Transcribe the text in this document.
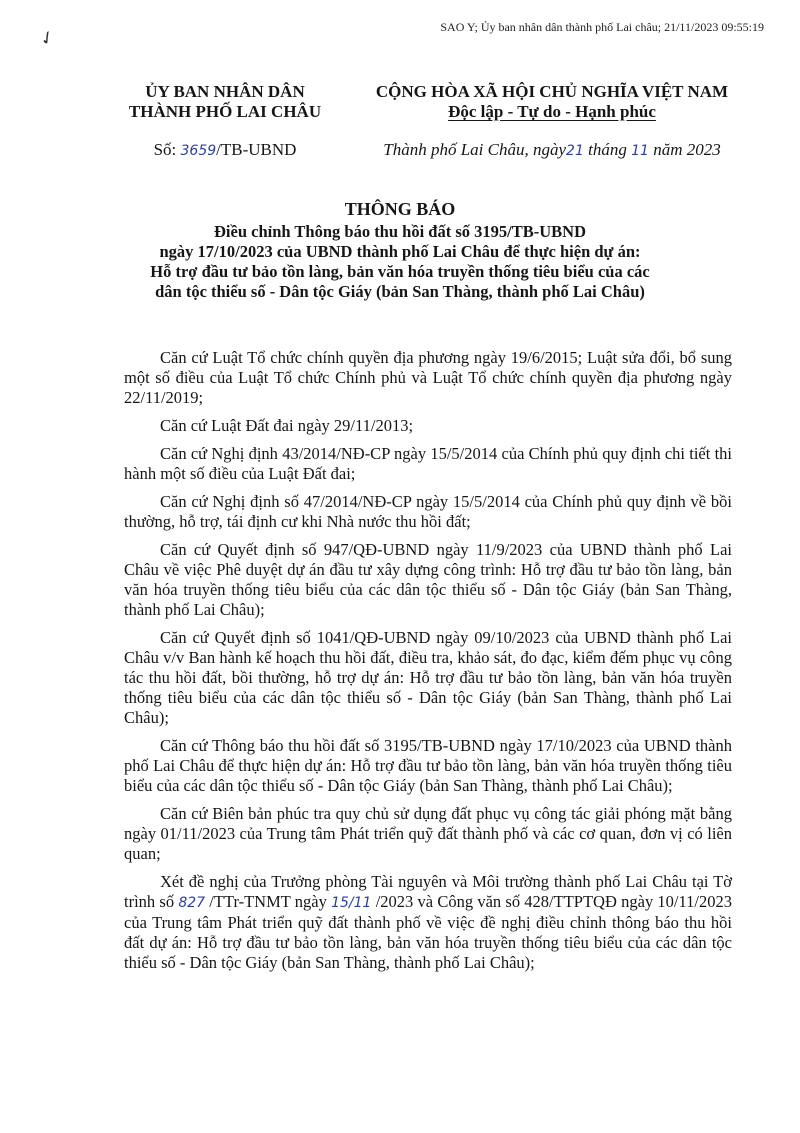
✓	SAO Y; Ủy ban nhân dân thành phố Lai châu; 21/11/2023 09:55:19
ỦY BAN NHÂN DÂN
THÀNH PHỐ LAI CHÂU
CỘNG HÒA XÃ HỘI CHỦ NGHĨA VIỆT NAM
Độc lập - Tự do - Hạnh phúc
Số: 3659/TB-UBND	Thành phố Lai Châu, ngày21 tháng 11 năm 2023
THÔNG BÁO
Điều chỉnh Thông báo thu hồi đất số 3195/TB-UBND
ngày 17/10/2023 của UBND thành phố Lai Châu để thực hiện dự án:
Hỗ trợ đầu tư bảo tồn làng, bản văn hóa truyền thống tiêu biểu của các
dân tộc thiểu số - Dân tộc Giáy (bản San Thàng, thành phố Lai Châu)

Căn cứ Luật Tổ chức chính quyền địa phương ngày 19/6/2015; Luật sửa đổi, bổ sung một số điều của Luật Tổ chức Chính phủ và Luật Tổ chức chính quyền địa phương ngày 22/11/2019;

Căn cứ Luật Đất đai ngày 29/11/2013;

Căn cứ Nghị định 43/2014/NĐ-CP ngày 15/5/2014 của Chính phủ quy định chi tiết thi hành một số điều của Luật Đất đai;

Căn cứ Nghị định số 47/2014/NĐ-CP ngày 15/5/2014 của Chính phủ quy định về bồi thường, hỗ trợ, tái định cư khi Nhà nước thu hồi đất;

Căn cứ Quyết định số 947/QĐ-UBND ngày 11/9/2023 của UBND thành phố Lai Châu về việc Phê duyệt dự án đầu tư xây dựng công trình: Hỗ trợ đầu tư bảo tồn làng, bản văn hóa truyền thống tiêu biểu của các dân tộc thiểu số - Dân tộc Giáy (bản San Thàng, thành phố Lai Châu);

Căn cứ Quyết định số 1041/QĐ-UBND ngày 09/10/2023 của UBND thành phố Lai Châu v/v Ban hành kế hoạch thu hồi đất, điều tra, khảo sát, đo đạc, kiểm đếm phục vụ công tác thu hồi đất, bồi thường, hỗ trợ dự án: Hỗ trợ đầu tư bảo tồn làng, bản văn hóa truyền thống tiêu biểu của các dân tộc thiểu số - Dân tộc Giáy (bản San Thàng, thành phố Lai Châu);

Căn cứ Thông báo thu hồi đất số 3195/TB-UBND ngày 17/10/2023 của UBND thành phố Lai Châu để thực hiện dự án: Hỗ trợ đầu tư bảo tồn làng, bản văn hóa truyền thống tiêu biểu của các dân tộc thiểu số - Dân tộc Giáy (bản San Thàng, thành phố Lai Châu);

Căn cứ Biên bản phúc tra quy chủ sử dụng đất phục vụ công tác giải phóng mặt bằng ngày 01/11/2023 của Trung tâm Phát triển quỹ đất thành phố và các cơ quan, đơn vị có liên quan;

Xét đề nghị của Trưởng phòng Tài nguyên và Môi trường thành phố Lai Châu tại Tờ trình số 827 /TTr-TNMT ngày 15/11 /2023 và Công văn số 428/TTPTQĐ ngày 10/11/2023 của Trung tâm Phát triển quỹ đất thành phố về việc đề nghị điều chỉnh thông báo thu hồi đất dự án: Hỗ trợ đầu tư bảo tồn làng, bản văn hóa truyền thống tiêu biểu của các dân tộc thiểu số - Dân tộc Giáy (bản San Thàng, thành phố Lai Châu);
